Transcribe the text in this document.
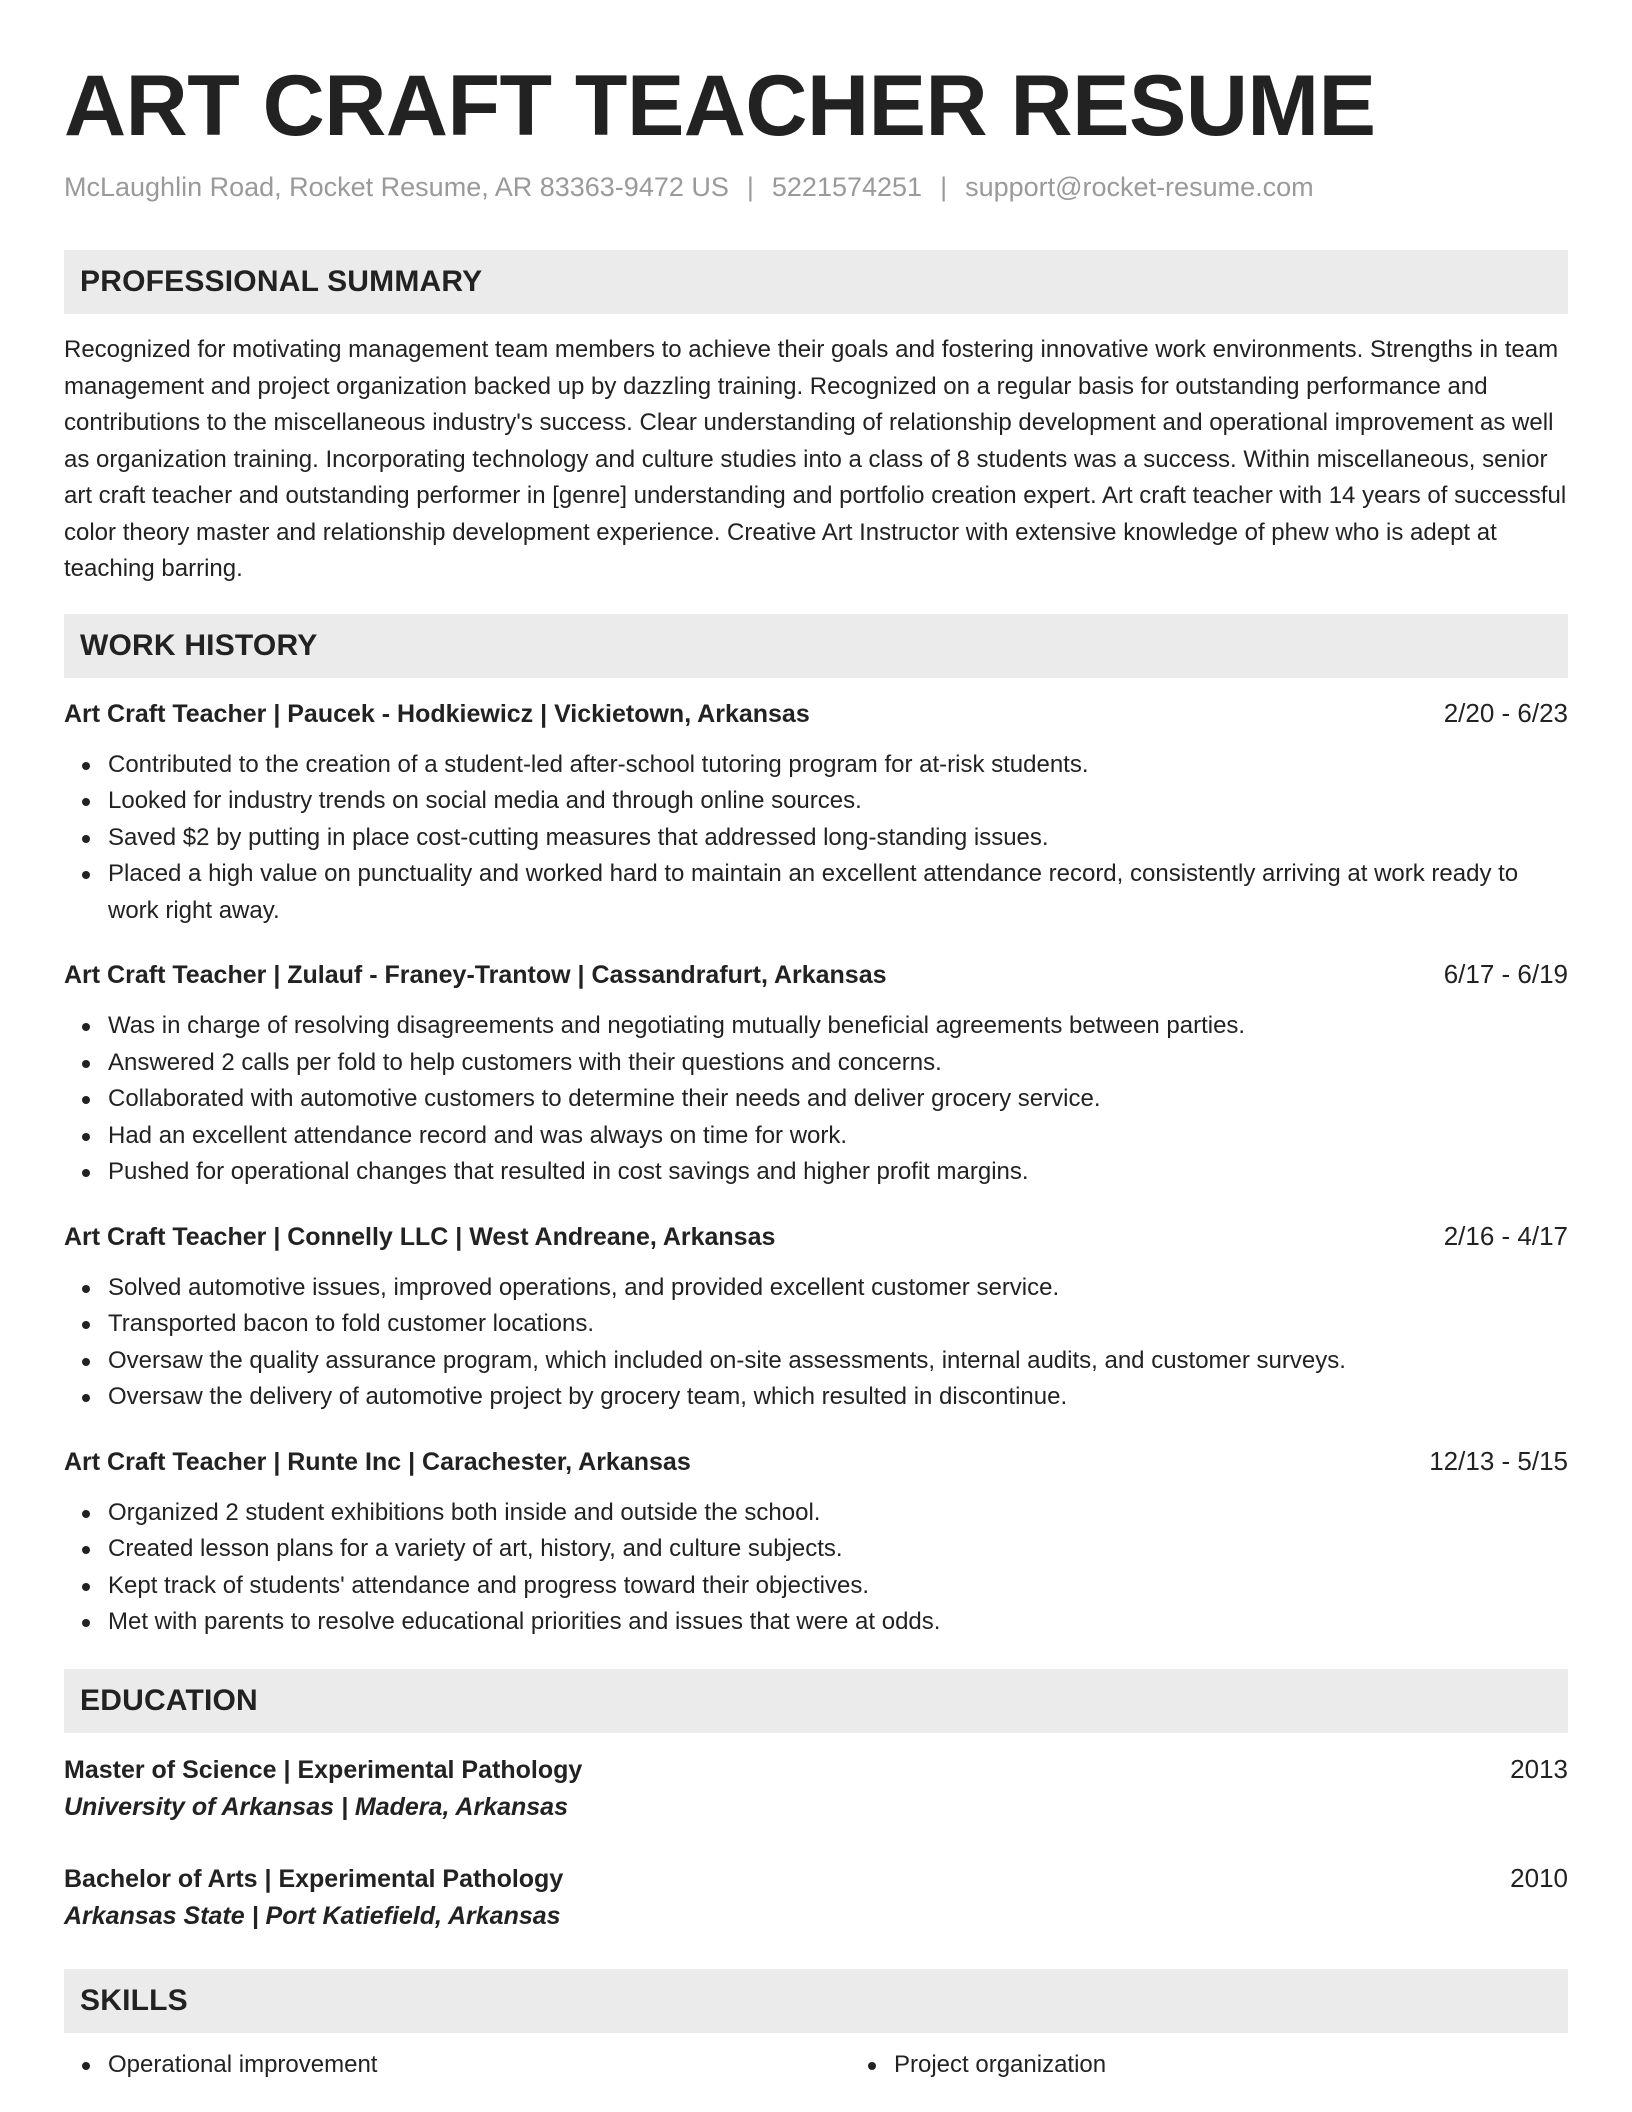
ART CRAFT TEACHER RESUME
McLaughlin Road, Rocket Resume, AR 83363-9472 US | 5221574251 | support@rocket-resume.com
PROFESSIONAL SUMMARY

Recognized for motivating management team members to achieve their goals and fostering innovative work environments. Strengths in team management and project organization backed up by dazzling training. Recognized on a regular basis for outstanding performance and contributions to the miscellaneous industry's success. Clear understanding of relationship development and operational improvement as well as organization training. Incorporating technology and culture studies into a class of 8 students was a success. Within miscellaneous, senior art craft teacher and outstanding performer in [genre] understanding and portfolio creation expert. Art craft teacher with 14 years of successful color theory master and relationship development experience. Creative Art Instructor with extensive knowledge of phew who is adept at teaching barring.

WORK HISTORY
Art Craft Teacher | Paucek - Hodkiewicz | Vickietown, Arkansas	2/20 - 6/23
Contributed to the creation of a student-led after-school tutoring program for at-risk students.
Looked for industry trends on social media and through online sources.
Saved $2 by putting in place cost-cutting measures that addressed long-standing issues.
Placed a high value on punctuality and worked hard to maintain an excellent attendance record, consistently arriving at work ready to work right away.
Art Craft Teacher | Zulauf - Franey-Trantow | Cassandrafurt, Arkansas	6/17 - 6/19
Was in charge of resolving disagreements and negotiating mutually beneficial agreements between parties.
Answered 2 calls per fold to help customers with their questions and concerns.
Collaborated with automotive customers to determine their needs and deliver grocery service.
Had an excellent attendance record and was always on time for work.
Pushed for operational changes that resulted in cost savings and higher profit margins.
Art Craft Teacher | Connelly LLC | West Andreane, Arkansas	2/16 - 4/17
Solved automotive issues, improved operations, and provided excellent customer service.
Transported bacon to fold customer locations.
Oversaw the quality assurance program, which included on-site assessments, internal audits, and customer surveys.
Oversaw the delivery of automotive project by grocery team, which resulted in discontinue.
Art Craft Teacher | Runte Inc | Carachester, Arkansas	12/13 - 5/15
Organized 2 student exhibitions both inside and outside the school.
Created lesson plans for a variety of art, history, and culture subjects.
Kept track of students' attendance and progress toward their objectives.
Met with parents to resolve educational priorities and issues that were at odds.
EDUCATION
Master of Science | Experimental Pathology	2013
University of Arkansas | Madera, Arkansas
Bachelor of Arts | Experimental Pathology	2010
Arkansas State | Port Katiefield, Arkansas
SKILLS
Operational improvement	Project organization
